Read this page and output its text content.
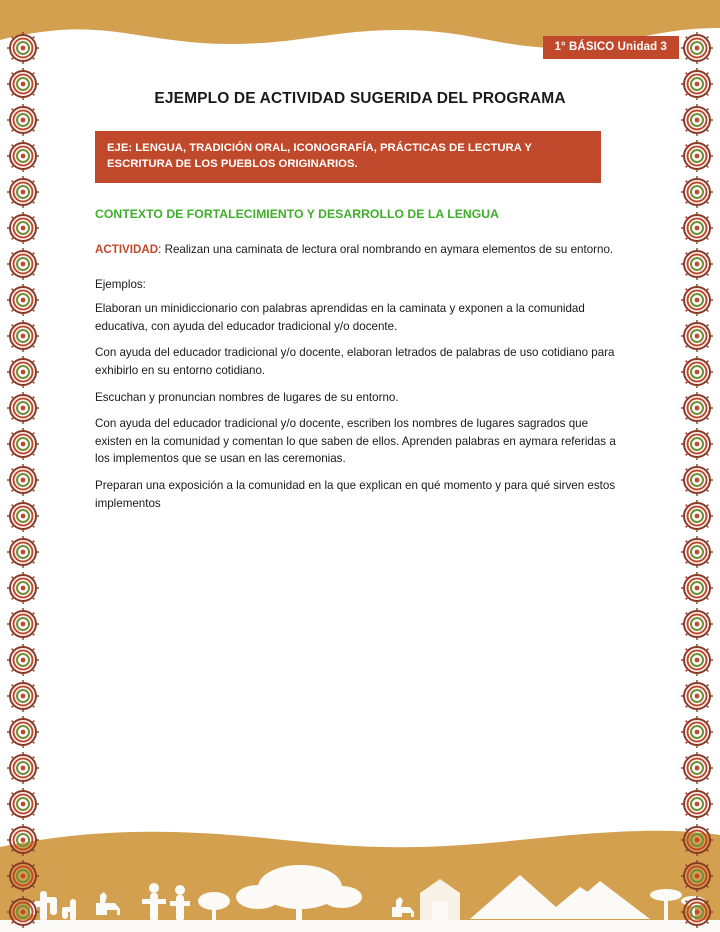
1° BÁSICO Unidad 3
EJEMPLO DE ACTIVIDAD SUGERIDA DEL PROGRAMA
EJE: LENGUA, TRADICIÓN ORAL, ICONOGRAFÍA, PRÁCTICAS DE LECTURA Y ESCRITURA DE LOS PUEBLOS ORIGINARIOS.
CONTEXTO DE FORTALECIMIENTO Y DESARROLLO DE LA LENGUA
ACTIVIDAD: Realizan una caminata de lectura oral nombrando en aymara elementos de su entorno.
Ejemplos:
Elaboran un minidiccionario con palabras aprendidas en la caminata y exponen a la comunidad educativa, con ayuda del educador tradicional y/o docente.
Con ayuda del educador tradicional y/o docente, elaboran letrados de palabras de uso cotidiano para exhibirlo en su entorno cotidiano.
Escuchan y pronuncian nombres de lugares de su entorno.
Con ayuda del educador tradicional y/o docente, escriben los nombres de lugares sagrados que existen en la comunidad y comentan lo que saben de ellos. Aprenden palabras en aymara referidas a los implementos que se usan en las ceremonias.
Preparan una exposición a la comunidad en la que explican en qué momento y para qué sirven estos implementos
